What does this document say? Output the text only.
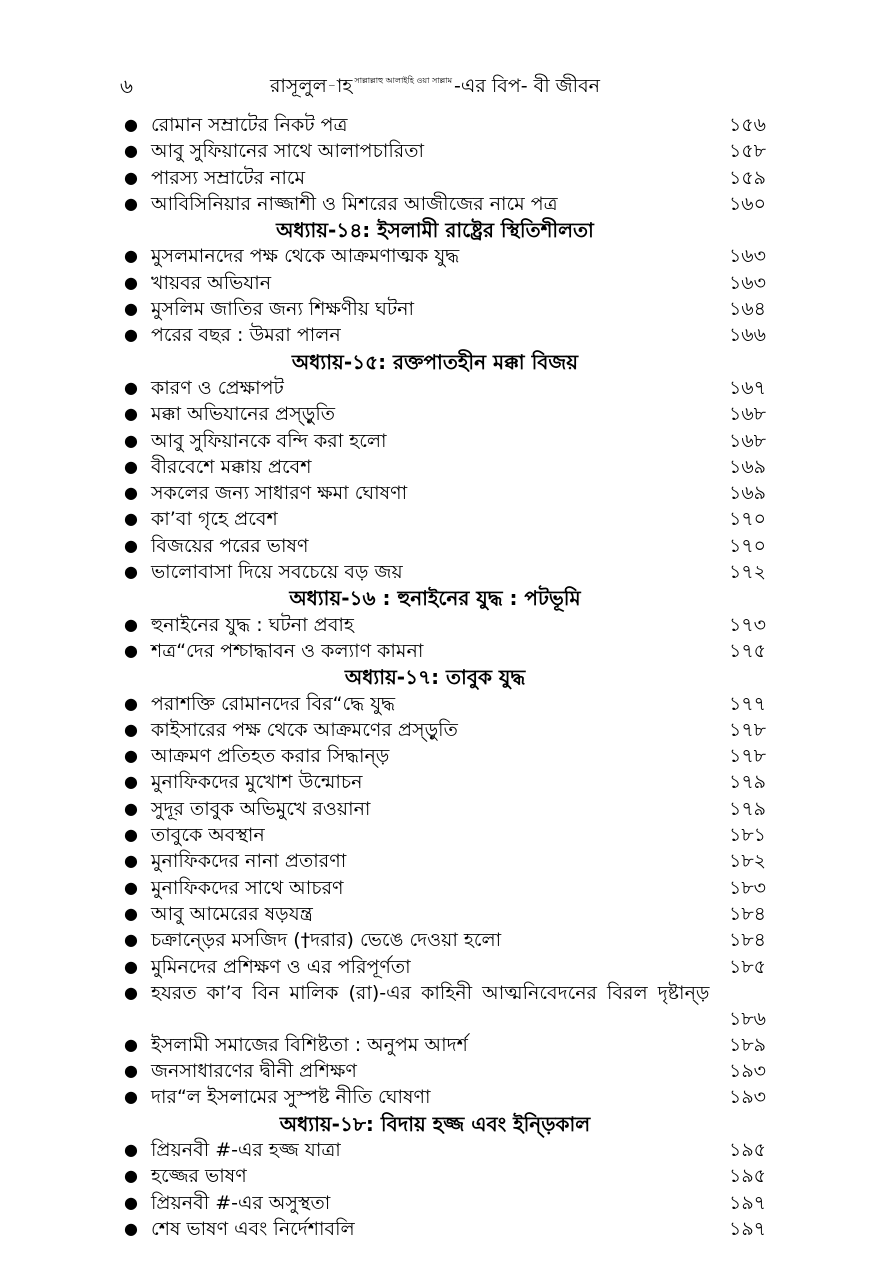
৬	রাসূলুল-াহ $^{সাল্লাল্লাহু আলাইহি ওয়া সাল্লাম}$ -এর বিপ- বী জীবন
● রোমান সম্রাটের নিকট পত্র	১৫৬
● আবু সুফিয়ানের সাথে আলাপচারিতা	১৫৮
● পারস্য সম্রাটের নামে	১৫৯
● আবিসিনিয়ার নাজ্জাশী ও মিশরের আজীজের নামে পত্র	১৬০
অধ্যায়-১৪: ইসলামী রাষ্ট্রের স্থিতিশীলতা
● মুসলমানদের পক্ষ থেকে আক্রমণাত্মক যুদ্ধ	১৬৩
● খায়বর অভিযান	১৬৩
● মুসলিম জাতির জন্য শিক্ষণীয় ঘটনা	১৬৪
● পরের বছর : উমরা পালন	১৬৬
অধ্যায়-১৫: রক্তপাতহীন মক্কা বিজয়
● কারণ ও প্রেক্ষাপট	১৬৭
● মক্কা অভিযানের প্রস্ড়ুতি	১৬৮
● আবু সুফিয়ানকে বন্দি করা হলো	১৬৮
● বীরবেশে মক্কায় প্রবেশ	১৬৯
● সকলের জন্য সাধারণ ক্ষমা ঘোষণা	১৬৯
● কা’বা গৃহে প্রবেশ	১৭০
● বিজয়ের পরের ভাষণ	১৭০
● ভালোবাসা দিয়ে সবচেয়ে বড় জয়	১৭২
অধ্যায়-১৬ : হুনাইনের যুদ্ধ : পটভূমি
● হুনাইনের যুদ্ধ : ঘটনা প্রবাহ	১৭৩
● শত্র“দের পশ্চাদ্ধাবন ও কল্যাণ কামনা	১৭৫
অধ্যায়-১৭: তাবুক যুদ্ধ
● পরাশক্তি রোমানদের বির“দ্ধে যুদ্ধ	১৭৭
● কাইসারের পক্ষ থেকে আক্রমণের প্রস্ড়ুতি	১৭৮
● আক্রমণ প্রতিহত করার সিদ্ধান্ড়	১৭৮
● মুনাফিকদের মুখোশ উন্মোচন	১৭৯
● সুদূর তাবুক অভিমুখে রওয়ানা	১৭৯
● তাবুকে অবস্থান	১৮১
● মুনাফিকদের নানা প্রতারণা	১৮২
● মুনাফিকদের সাথে আচরণ	১৮৩
● আবু আমেরের ষড়যন্ত্র	১৮৪
● চক্রান্ড়ের মসজিদ (†দরার) ভেঙে দেওয়া হলো	১৮৪
● মুমিনদের প্রশিক্ষণ ও এর পরিপূর্ণতা	১৮৫
● হযরত কা’ব বিন মালিক (রা)-এর কাহিনী আত্মনিবেদনের বিরল দৃষ্টান্ড়
১৮৬
● ইসলামী সমাজের বিশিষ্টতা : অনুপম আদর্শ	১৮৯
● জনসাধারণের দ্বীনী প্রশিক্ষণ	১৯৩
● দার“ল ইসলামের সুস্পষ্ট নীতি ঘোষণা	১৯৩
অধ্যায়-১৮: বিদায় হজ্জ এবং ইন্ড়িকাল
● প্রিয়নবী #-এর হজ্জ যাত্রা	১৯৫
● হজ্জের ভাষণ	১৯৫
● প্রিয়নবী #-এর অসুস্থতা	১৯৭
● শেষ ভাষণ এবং নির্দেশাবলি	১৯৭
